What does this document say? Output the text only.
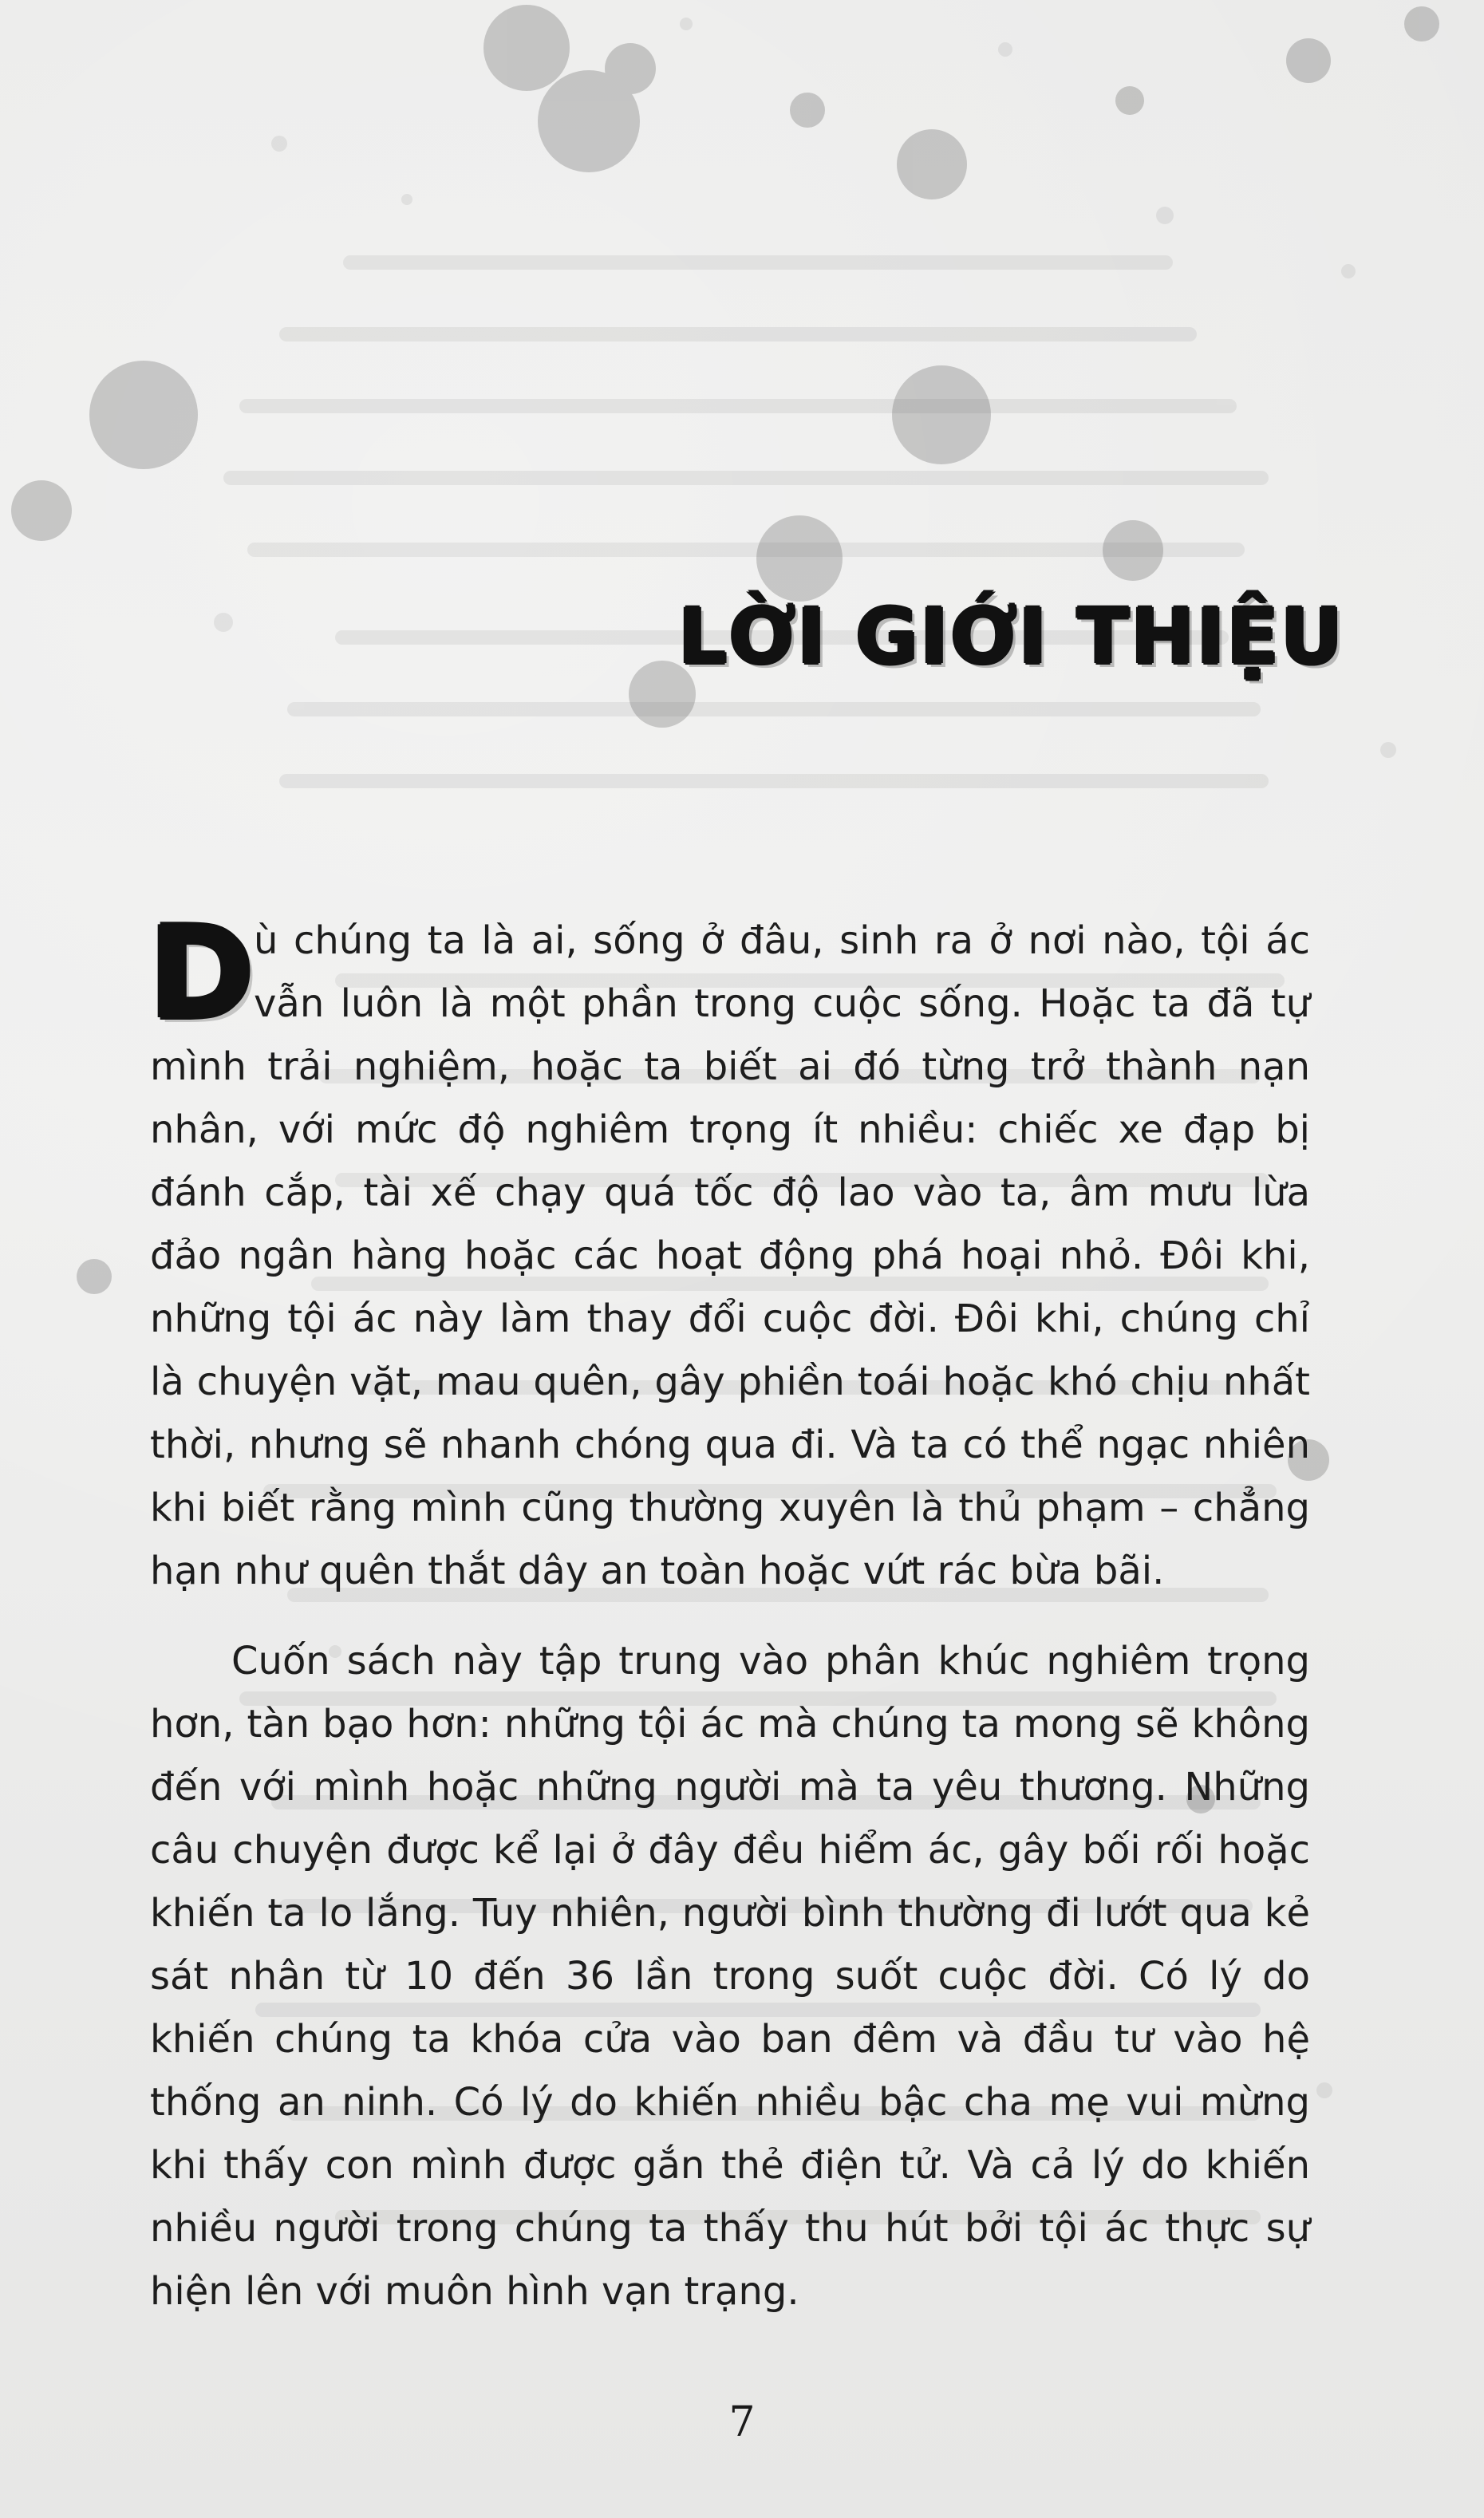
LỜI GIỚI THIỆU

D ù chúng ta là ai, sống ở đâu, sinh ra ở nơi nào, tội ác vẫn luôn là một phần trong cuộc sống. Hoặc ta đã tự mình trải nghiệm, hoặc ta biết ai đó từng trở thành nạn nhân, với mức độ nghiêm trọng ít nhiều: chiếc xe đạp bị đánh cắp, tài xế chạy quá tốc độ lao vào ta, âm mưu lừa đảo ngân hàng hoặc các hoạt động phá hoại nhỏ. Đôi khi, những tội ác này làm thay đổi cuộc đời. Đôi khi, chúng chỉ là chuyện vặt, mau quên, gây phiền toái hoặc khó chịu nhất thời, nhưng sẽ nhanh chóng qua đi. Và ta có thể ngạc nhiên khi biết rằng mình cũng thường xuyên là thủ phạm – chẳng hạn như quên thắt dây an toàn hoặc vứt rác bừa bãi.

Cuốn sách này tập trung vào phân khúc nghiêm trọng hơn, tàn bạo hơn: những tội ác mà chúng ta mong sẽ không đến với mình hoặc những người mà ta yêu thương. Những câu chuyện được kể lại ở đây đều hiểm ác, gây bối rối hoặc khiến ta lo lắng. Tuy nhiên, người bình thường đi lướt qua kẻ sát nhân từ 10 đến 36 lần trong suốt cuộc đời. Có lý do khiến chúng ta khóa cửa vào ban đêm và đầu tư vào hệ thống an ninh. Có lý do khiến nhiều bậc cha mẹ vui mừng khi thấy con mình được gắn thẻ điện tử. Và cả lý do khiến nhiều người trong chúng ta thấy thu hút bởi tội ác thực sự hiện lên với muôn hình vạn trạng.

7
